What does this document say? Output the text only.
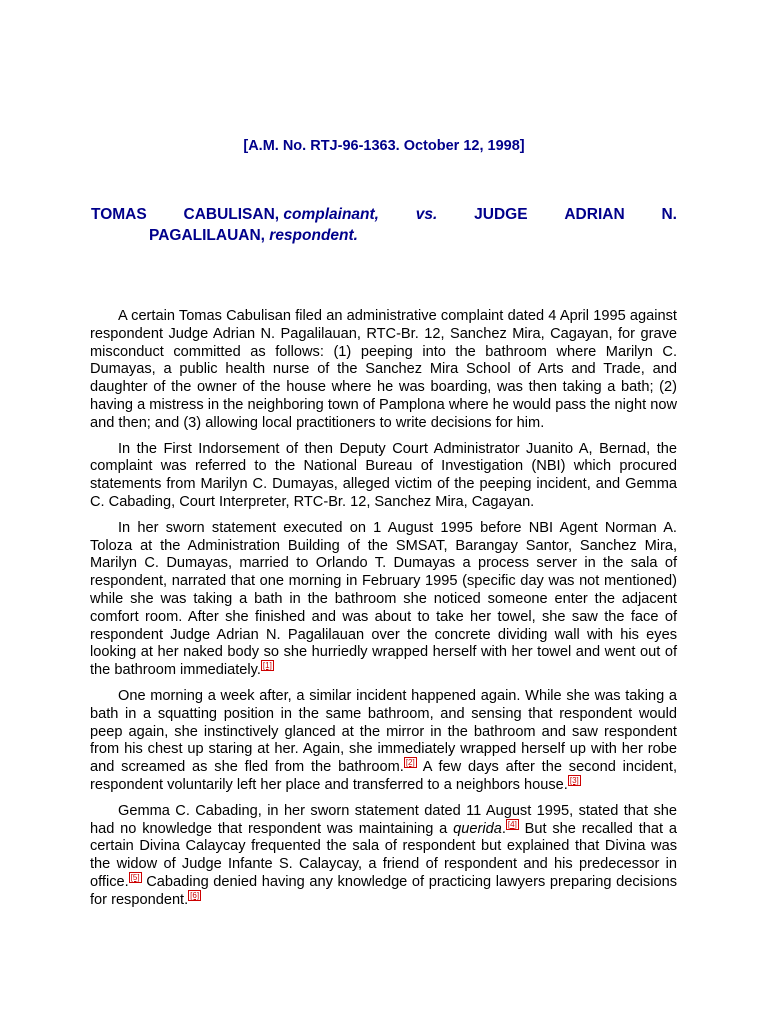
[A.M. No. RTJ-96-1363. October 12, 1998]
TOMAS CABULISAN, complainant, vs. JUDGE ADRIAN N.
PAGALILAUAN, respondent.

A certain Tomas Cabulisan filed an administrative complaint dated 4 April 1995 against respondent Judge Adrian N. Pagalilauan, RTC-Br. 12, Sanchez Mira, Cagayan, for grave misconduct committed as follows: (1) peeping into the bathroom where Marilyn C. Dumayas, a public health nurse of the Sanchez Mira School of Arts and Trade, and daughter of the owner of the house where he was boarding, was then taking a bath; (2) having a mistress in the neighboring town of Pamplona where he would pass the night now and then; and (3) allowing local practitioners to write decisions for him.

In the First Indorsement of then Deputy Court Administrator Juanito A, Bernad, the complaint was referred to the National Bureau of Investigation (NBI) which procured statements from Marilyn C. Dumayas, alleged victim of the peeping incident, and Gemma C. Cabading, Court Interpreter, RTC-Br. 12, Sanchez Mira, Cagayan.

In her sworn statement executed on 1 August 1995 before NBI Agent Norman A. Toloza at the Administration Building of the SMSAT, Barangay Santor, Sanchez Mira, Marilyn C. Dumayas, married to Orlando T. Dumayas a process server in the sala of respondent, narrated that one morning in February 1995 (specific day was not mentioned) while she was taking a bath in the bathroom she noticed someone enter the adjacent comfort room. After she finished and was about to take her towel, she saw the face of respondent Judge Adrian N. Pagalilauan over the concrete dividing wall with his eyes looking at her naked body so she hurriedly wrapped herself with her towel and went out of the bathroom immediately. [1]

One morning a week after, a similar incident happened again. While she was taking a bath in a squatting position in the same bathroom, and sensing that respondent would peep again, she instinctively glanced at the mirror in the bathroom and saw respondent from his chest up staring at her. Again, she immediately wrapped herself up with her robe and screamed as she fled from the bathroom. [2] A few days after the second incident, respondent voluntarily left her place and transferred to a neighbors house. [3]

Gemma C. Cabading, in her sworn statement dated 11 August 1995, stated that she had no knowledge that respondent was maintaining a querida. [4] But she recalled that a certain Divina Calaycay frequented the sala of respondent but explained that Divina was the widow of Judge Infante S. Calaycay, a friend of respondent and his predecessor in office. [5] Cabading denied having any knowledge of practicing lawyers preparing decisions for respondent. [6]
